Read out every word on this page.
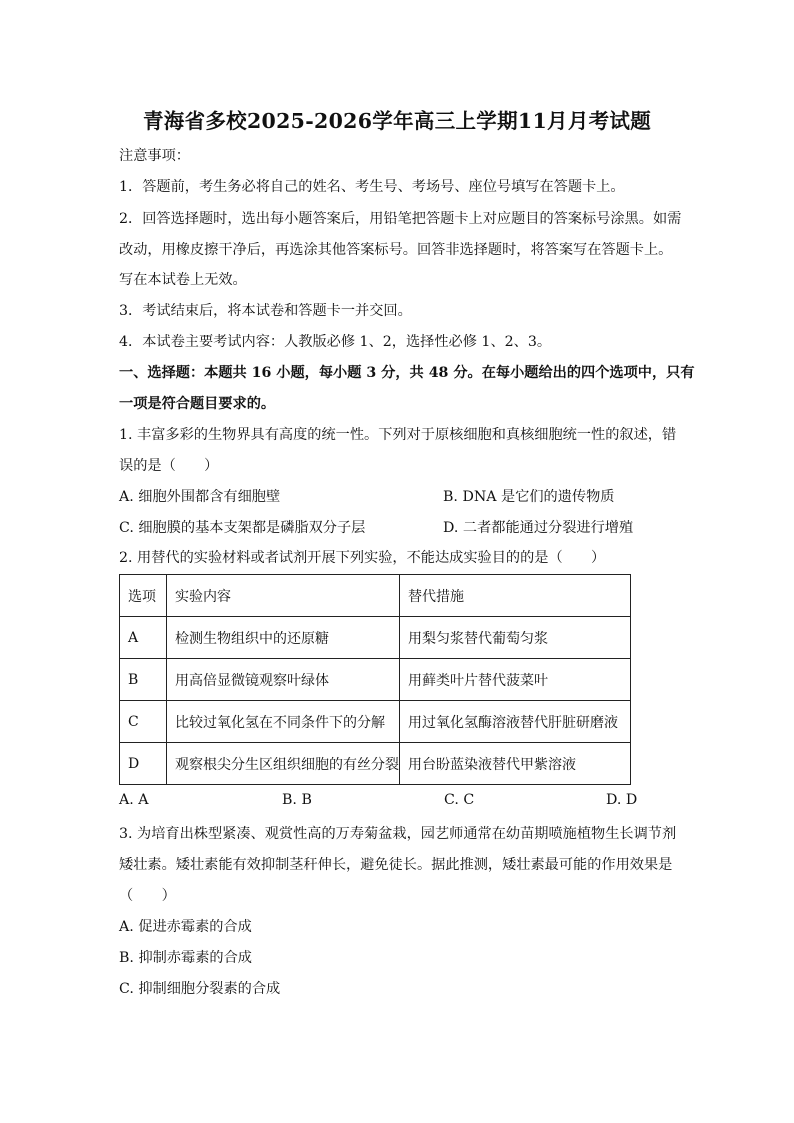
青海省多校2025-2026学年高三上学期11月月考试题
注意事项：
1．答题前，考生务必将自己的姓名、考生号、考场号、座位号填写在答题卡上。
2．回答选择题时，选出每小题答案后，用铅笔把答题卡上对应题目的答案标号涂黑。如需
改动，用橡皮擦干净后，再选涂其他答案标号。回答非选择题时，将答案写在答题卡上。
写在本试卷上无效。
3．考试结束后，将本试卷和答题卡一并交回。
4．本试卷主要考试内容：人教版必修 1、2，选择性必修 1、2、3。
一、选择题：本题共 16 小题，每小题 3 分，共 48 分。在每小题给出的四个选项中，只有
一项是符合题目要求的。
1. 丰富多彩的生物界具有高度的统一性。下列对于原核细胞和真核细胞统一性的叙述，错
误的是（　　）
A. 细胞外围都含有细胞壁	B. DNA 是它们的遗传物质
C. 细胞膜的基本支架都是磷脂双分子层	D. 二者都能通过分裂进行增殖
2. 用替代的实验材料或者试剂开展下列实验，不能达成实验目的的是（　　）
选项	实验内容	替代措施
A	检测生物组织中的还原糖	用梨匀浆替代葡萄匀浆
B	用高倍显微镜观察叶绿体	用藓类叶片替代菠菜叶
C	比较过氧化氢在不同条件下的分解	用过氧化氢酶溶液替代肝脏研磨液
D	观察根尖分生区组织细胞的有丝分裂	用台盼蓝染液替代甲紫溶液
A. A	B. B	C. C	D. D
3. 为培育出株型紧凑、观赏性高的万寿菊盆栽，园艺师通常在幼苗期喷施植物生长调节剂
矮壮素。矮壮素能有效抑制茎秆伸长，避免徒长。据此推测，矮壮素最可能的作用效果是
（　　）
A. 促进赤霉素的合成
B. 抑制赤霉素的合成
C. 抑制细胞分裂素的合成
